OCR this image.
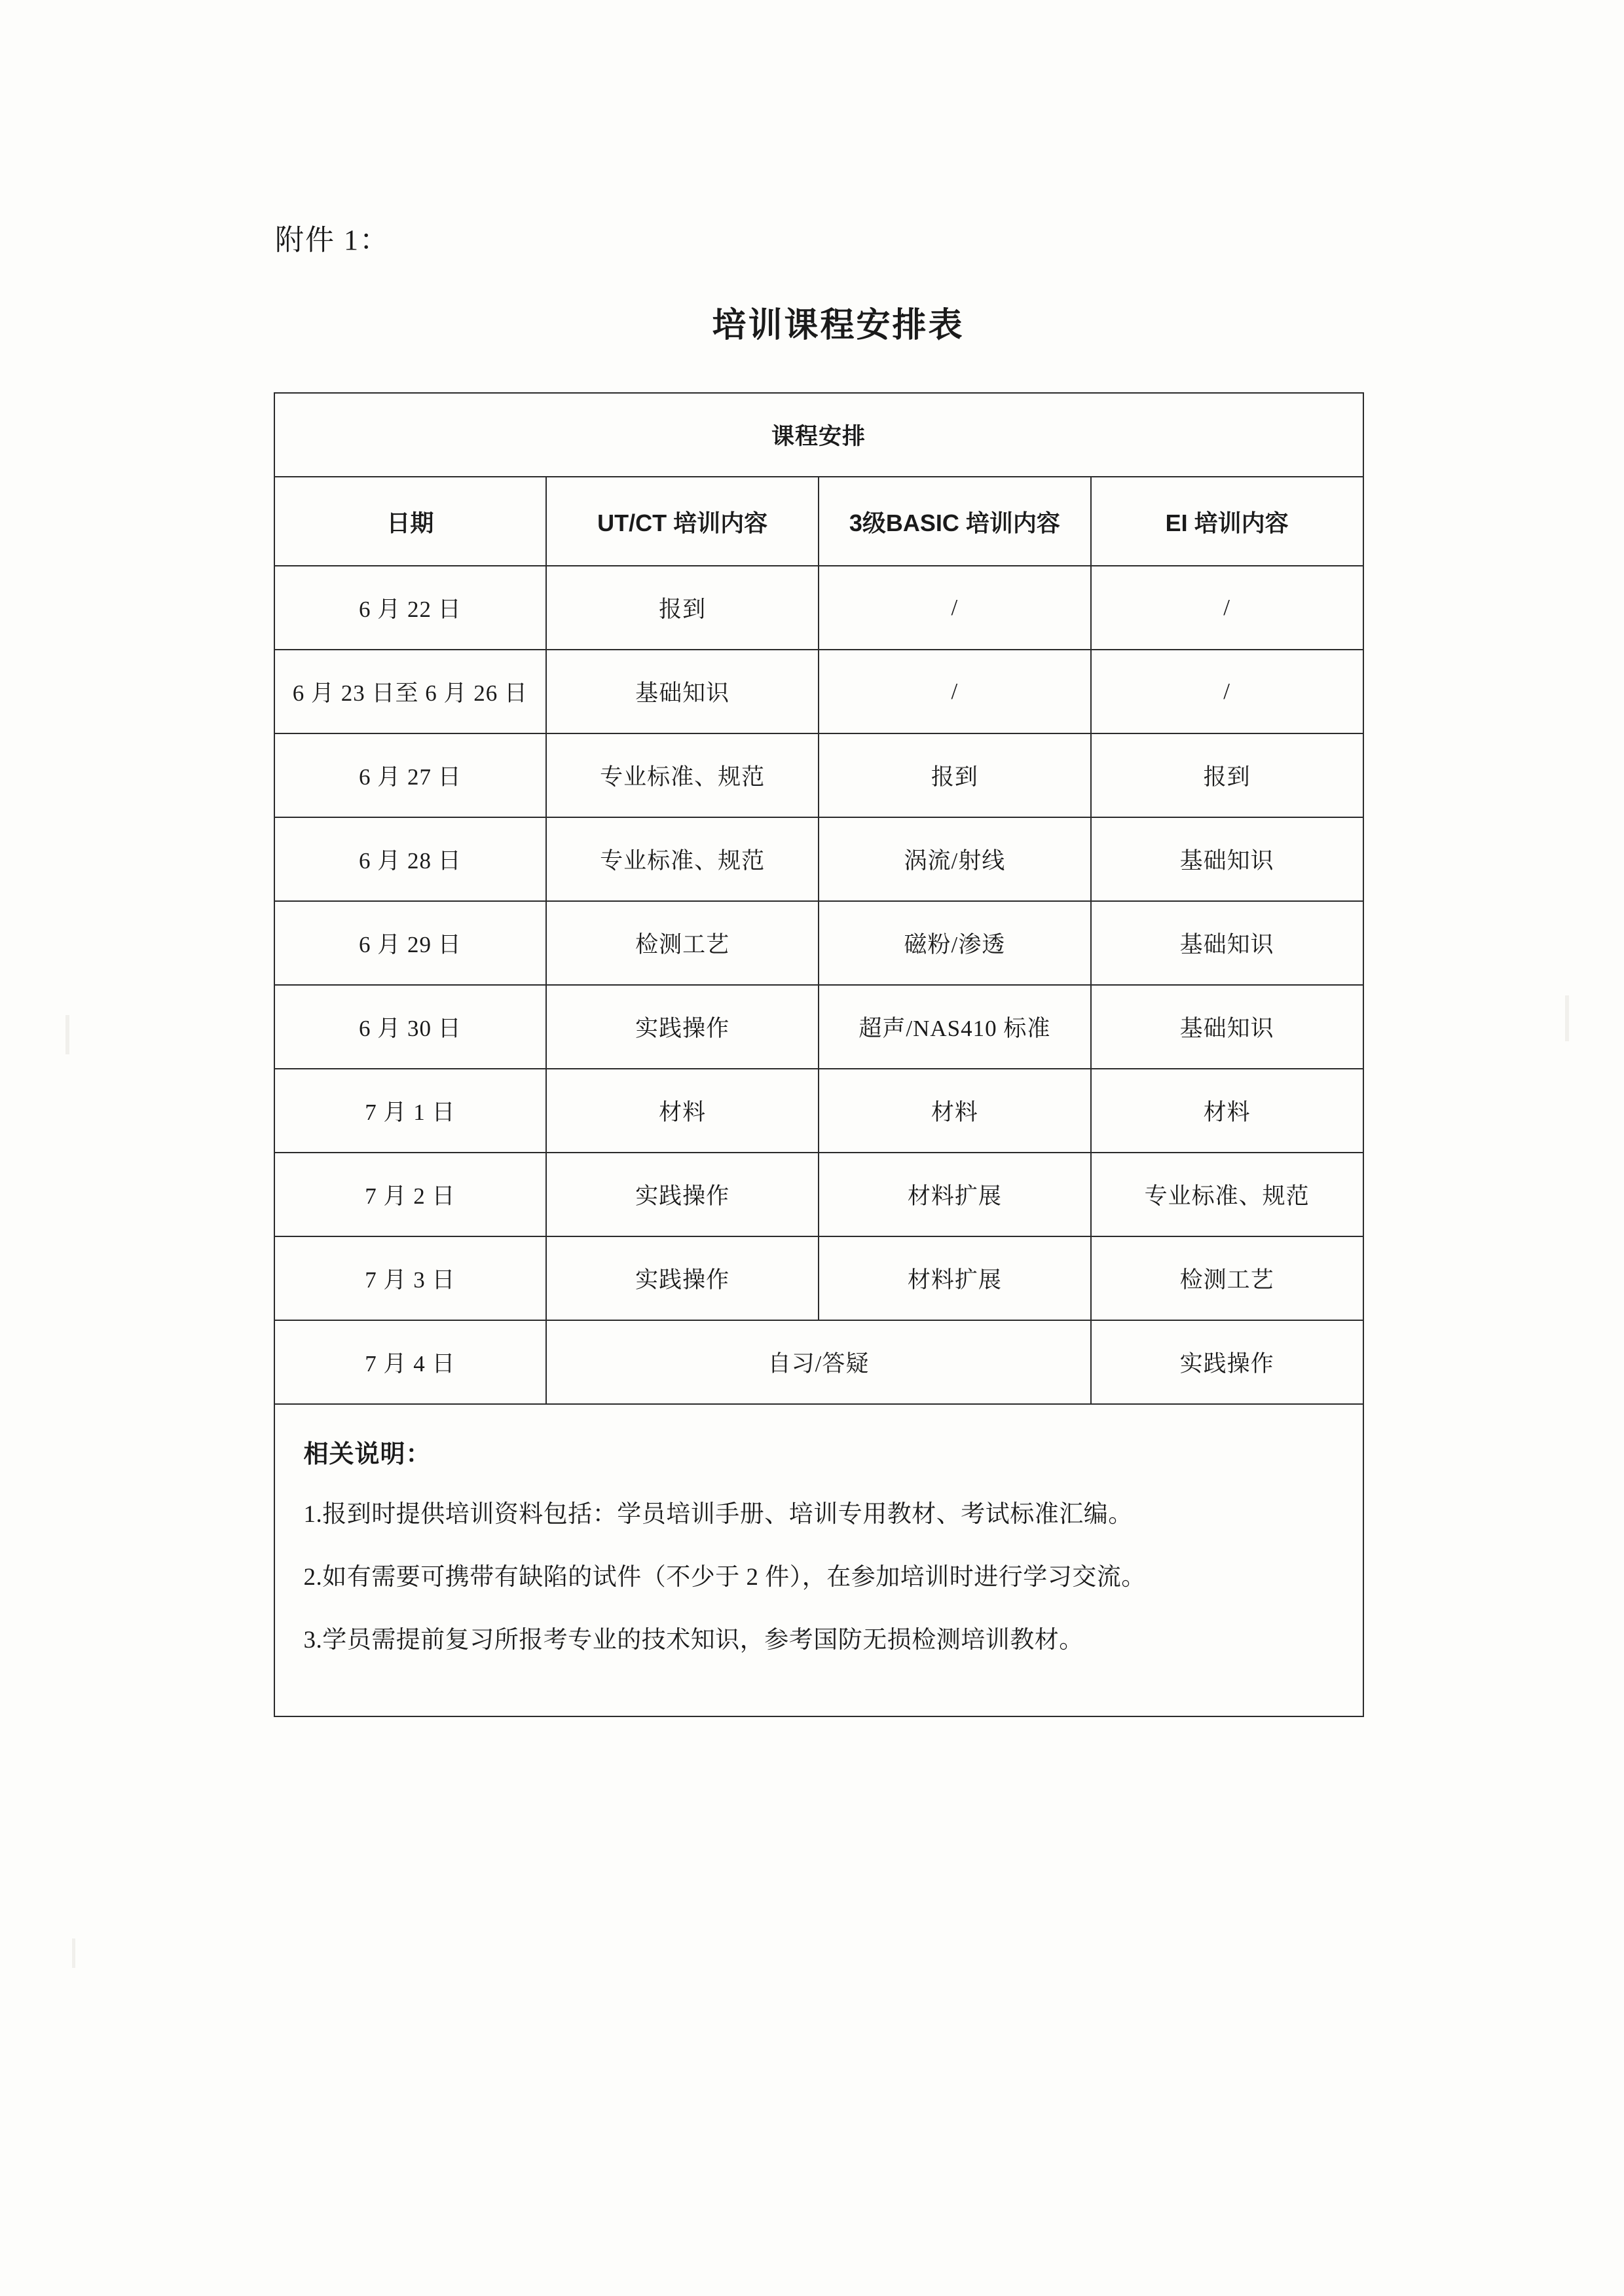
附件 1：
培训课程安排表
课程安排			
日期	UT/CT 培训内容	3级BASIC 培训内容	EI 培训内容
6 月 22 日	报到	/	/
6 月 23 日至 6 月 26 日	基础知识	/	/
6 月 27 日	专业标准、规范	报到	报到
6 月 28 日	专业标准、规范	涡流/射线	基础知识
6 月 29 日	检测工艺	磁粉/渗透	基础知识
6 月 30 日	实践操作	超声/NAS410 标准	基础知识
7 月 1 日	材料	材料	材料
7 月 2 日	实践操作	材料扩展	专业标准、规范
7 月 3 日	实践操作	材料扩展	检测工艺
7 月 4 日	自习/答疑		实践操作
相关说明：

1.报到时提供培训资料包括：学员培训手册、培训专用教材、考试标准汇编。

2.如有需要可携带有缺陷的试件（不少于 2 件），在参加培训时进行学习交流。

3.学员需提前复习所报考专业的技术知识，参考国防无损检测培训教材。
